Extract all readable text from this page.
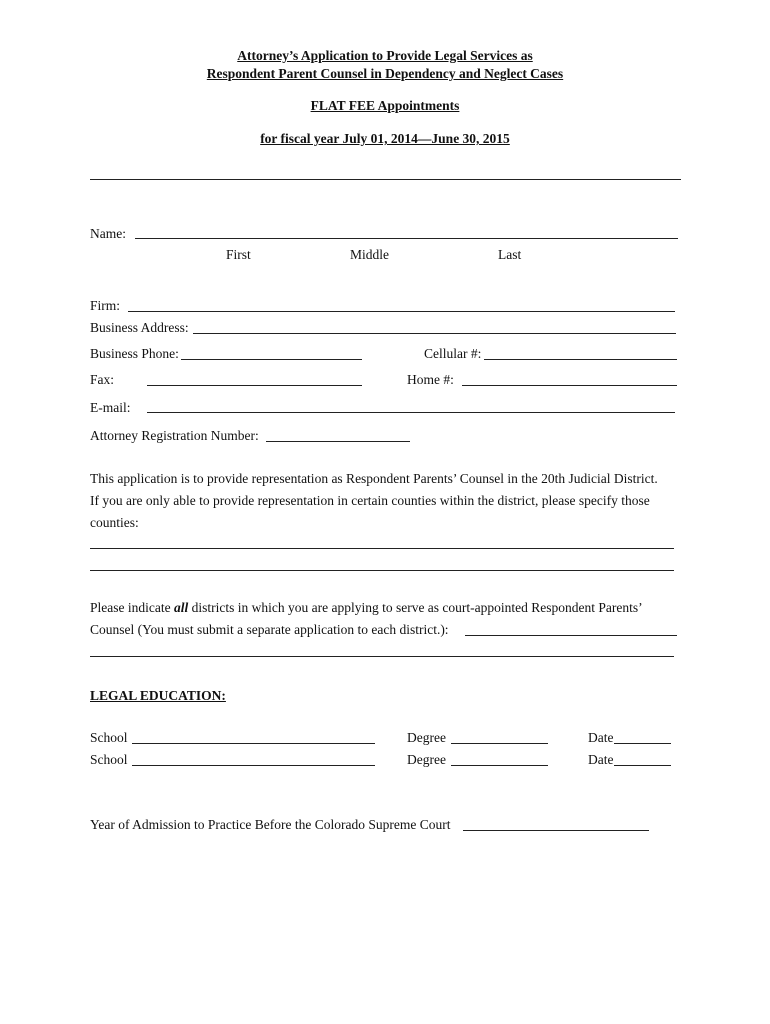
Attorney’s Application to Provide Legal Services as
Respondent Parent Counsel in Dependency and Neglect Cases
FLAT FEE Appointments
for fiscal year July 01, 2014—June 30, 2015
Name:
First	Middle	Last
Firm:
Business Address:
Business Phone:	Cellular #:
Fax:	Home #:
E-mail:
Attorney Registration Number:
This application is to provide representation as Respondent Parents’ Counsel in the 20th Judicial District.
If you are only able to provide representation in certain counties within the district, please specify those
counties:
Please indicate all districts in which you are applying to serve as court-appointed Respondent Parents’
Counsel (You must submit a separate application to each district.):
LEGAL EDUCATION:
School	Degree	Date
School	Degree	Date
Year of Admission to Practice Before the Colorado Supreme Court
